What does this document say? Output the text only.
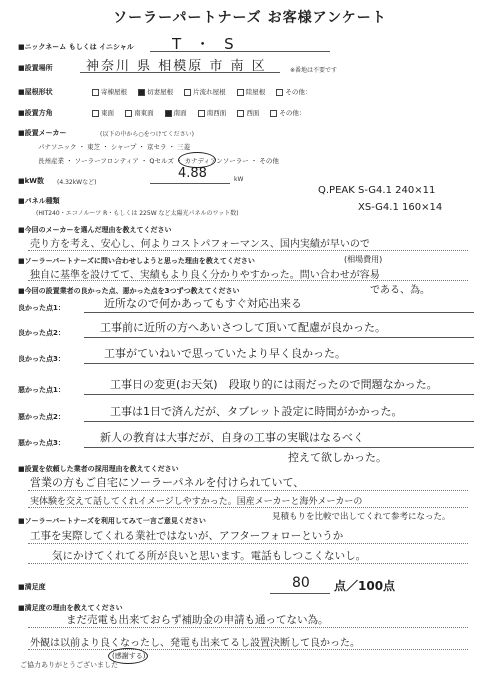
ソーラーパートナーズ お客様アンケート
■ニックネーム もしくは イニシャル	T・S
■設置場所	神奈川 県 相模原 市 南 区	※番地は不要です
■屋根形状	寄棟屋根	切妻屋根	片流れ屋根	陸屋根	その他：
■設置方角	東面	南東面	南面	南西面	西面	その他：
■設置メーカー	(以下の中から○をつけてください)
パナソニック ・ 東芝 ・ シャープ ・ 京セラ ・ 三菱
長州産業 ・ ソーラーフロンティア ・ Qセルズ ・ カナディアンソーラー ・ その他
■kW数 (4.32kWなど)
4.88	kW
■パネル種類
(HIT240・エコノルーツ R・もしくは 225W など太陽光パネルのワット数)
Q.PEAK S-G4.1 240×11
XS-G4.1 160×14
■今回のメーカーを選んだ理由を教えてください
売り方を考え、安心し、何よりコストパフォーマンス、国内実績が早いので
■ソーラーパートナーズに問い合わせしようと思った理由を教えてください	(相場費用)
独自に基準を設けてて、実績もより良く分かりやすかった。問い合わせが容易
である、為。
■今回の設置業者の良かった点、悪かった点を3つずつ教えてください
良かった点1：	近所なので何かあってもすぐ対応出来る
良かった点2：	工事前に近所の方へあいさつして頂いて配慮が良かった。
良かった点3：	工事がていねいで思っていたより早く良かった。
悪かった点1：	工事日の変更(お天気)　段取り的には雨だったので問題なかった。
悪かった点2：	工事は1日で済んだが、タブレット設定に時間がかかった。
悪かった点3：	新人の教育は大事だが、自身の工事の実戦はなるべく
控えて欲しかった。
■設置を依頼した業者の採用理由を教えてください
営業の方もご自宅にソーラーパネルを付けられていて、
実体験を交えて話してくれイメージしやすかった。国産メーカーと海外メーカーの
■ソーラーパートナーズを利用してみて一言ご意見ください	見積もりを比較で出してくれて参考になった。
工事を実際してくれる業社ではないが、アフターフォローというか
気にかけてくれてる所が良いと思います。電話もしつこくないし。
■満足度	80 点／100点
■満足度の理由を教えてください
まだ売電も出来ておらず補助金の申請も通ってない為。
外観は以前より良くなったし、発電も出来てるし設置決断して良かった。
ご協力ありがとうございました
(感謝する)
